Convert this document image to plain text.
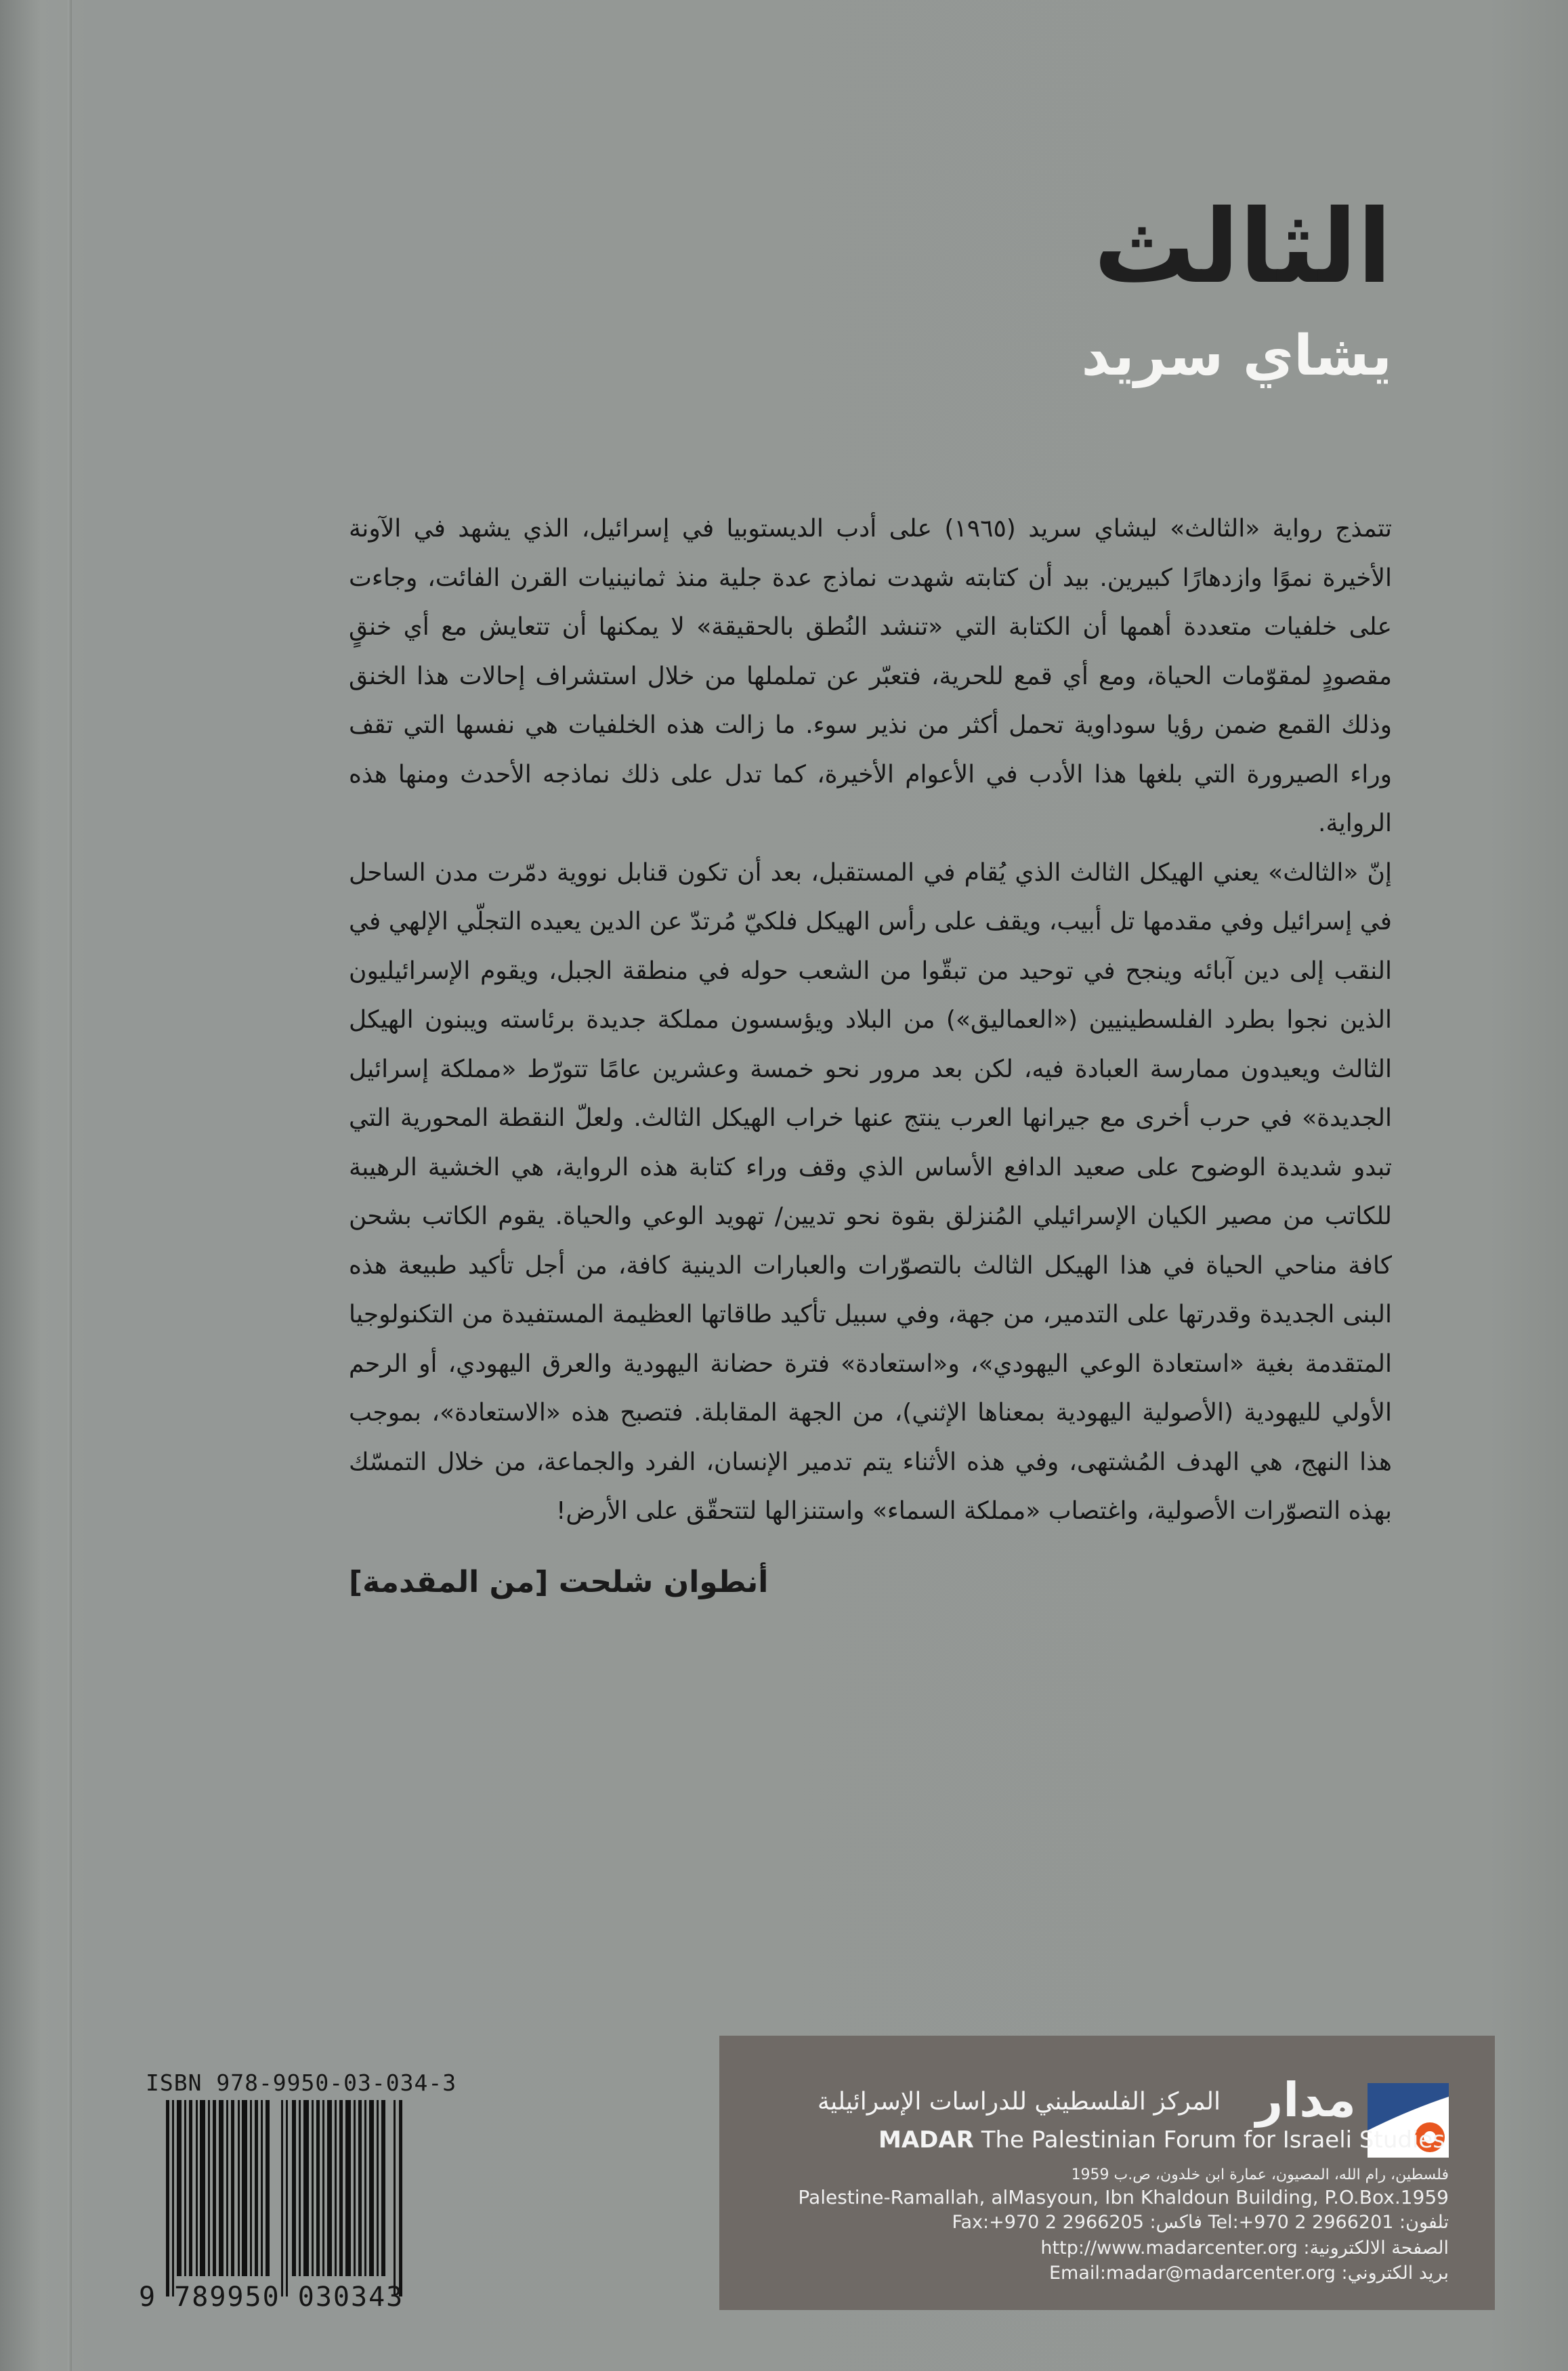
الثالث
يشاي سريد

تتمذج رواية «الثالث» ليشاي سريد (١٩٦٥) على أدب الديستوبيا في إسرائيل، الذي يشهد في الآونة الأخيرة نموًا وازدهارًا كبيرين. بيد أن كتابته شهدت نماذج عدة جلية منذ ثمانينيات القرن الفائت، وجاءت على خلفيات متعددة أهمها أن الكتابة التي «تنشد النُطق بالحقيقة» لا يمكنها أن تتعايش مع أي خنقٍ مقصودٍ لمقوّمات الحياة، ومع أي قمع للحرية، فتعبّر عن تململها من خلال استشراف إحالات هذا الخنق وذلك القمع ضمن رؤيا سوداوية تحمل أكثر من نذير سوء. ما زالت هذه الخلفيات هي نفسها التي تقف وراء الصيرورة التي بلغها هذا الأدب في الأعوام الأخيرة، كما تدل على ذلك نماذجه الأحدث ومنها هذه الرواية.

إنّ «الثالث» يعني الهيكل الثالث الذي يُقام في المستقبل، بعد أن تكون قنابل نووية دمّرت مدن الساحل في إسرائيل وفي مقدمها تل أبيب، ويقف على رأس الهيكل فلكيّ مُرتدّ عن الدين يعيده التجلّي الإلهي في النقب إلى دين آبائه وينجح في توحيد من تبقّوا من الشعب حوله في منطقة الجبل، ويقوم الإسرائيليون الذين نجوا بطرد الفلسطينيين («العماليق») من البلاد ويؤسسون مملكة جديدة برئاسته ويبنون الهيكل الثالث ويعيدون ممارسة العبادة فيه، لكن بعد مرور نحو خمسة وعشرين عامًا تتورّط «مملكة إسرائيل الجديدة» في حرب أخرى مع جيرانها العرب ينتج عنها خراب الهيكل الثالث. ولعلّ النقطة المحورية التي تبدو شديدة الوضوح على صعيد الدافع الأساس الذي وقف وراء كتابة هذه الرواية، هي الخشية الرهيبة للكاتب من مصير الكيان الإسرائيلي المُنزلق بقوة نحو تديين/ تهويد الوعي والحياة. يقوم الكاتب بشحن كافة مناحي الحياة في هذا الهيكل الثالث بالتصوّرات والعبارات الدينية كافة، من أجل تأكيد طبيعة هذه البنى الجديدة وقدرتها على التدمير، من جهة، وفي سبيل تأكيد طاقاتها العظيمة المستفيدة من التكنولوجيا المتقدمة بغية «استعادة الوعي اليهودي»، و«استعادة» فترة حضانة اليهودية والعرق اليهودي، أو الرحم الأولي لليهودية (الأصولية اليهودية بمعناها الإثني)، من الجهة المقابلة. فتصبح هذه «الاستعادة»، بموجب هذا النهج، هي الهدف المُشتهى، وفي هذه الأثناء يتم تدمير الإنسان، الفرد والجماعة، من خلال التمسّك بهذه التصوّرات الأصولية، واغتصاب «مملكة السماء» واستنزالها لتتحقّق على الأرض!

أنطوان شلحت [من المقدمة]
ISBN 978-9950-03-034-3
9 789950 030343
مدار
المركز الفلسطيني للدراسات الإسرائيلية
MADAR The Palestinian Forum for Israeli Studies
فلسطين، رام الله، المصيون، عمارة ابن خلدون، ص.ب 1959
Palestine-Ramallah, alMasyoun, Ibn Khaldoun Building, P.O.Box.1959
Fax:+970 2 2966205 :فاكس Tel:+970 2 2966201 :تلفون
http://www.madarcenter.org :الصفحة الالكترونية
Email:madar@madarcenter.org :بريد الكتروني
